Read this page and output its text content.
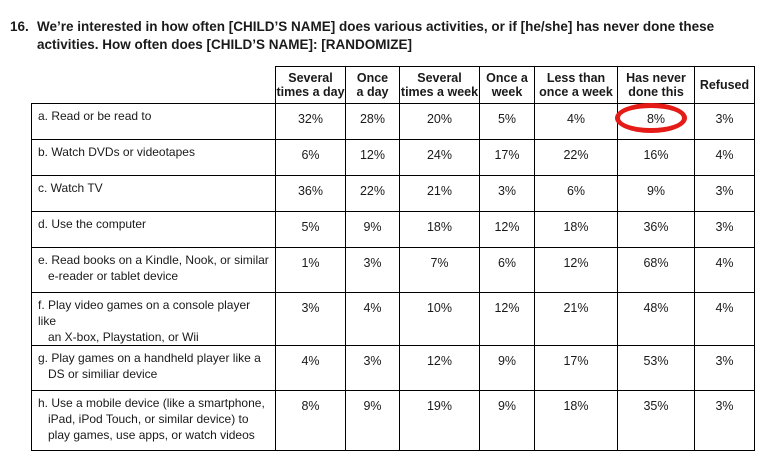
16. We’re interested in how often [CHILD’S NAME] does various activities, or if [he/she] has never done these activities. How often does [CHILD’S NAME]: [RANDOMIZE]
	Several
times a day	Once
a day	Several
times a week	Once a
week	Less than
once a week	Has never
done this	Refused

a. Read or be read to	32%	28%	20%	5%	4%	8%	3%

b. Watch DVDs or videotapes	6%	12%	24%	17%	22%	16%	4%

c. Watch TV	36%	22%	21%	3%	6%	9%	3%

d. Use the computer	5%	9%	18%	12%	18%	36%	3%

e. Read books on a Kindle, Nook, or similar
e-reader or tablet device	1%	3%	7%	6%	12%	68%	4%

f. Play video games on a console player like
an X-box, Playstation, or Wii	3%	4%	10%	12%	21%	48%	4%

g. Play games on a handheld player like a
DS or similiar device	4%	3%	12%	9%	17%	53%	3%

h. Use a mobile device (like a smartphone,
iPad, iPod Touch, or similar device) to
play games, use apps, or watch videos	8%	9%	19%	9%	18%	35%	3%
